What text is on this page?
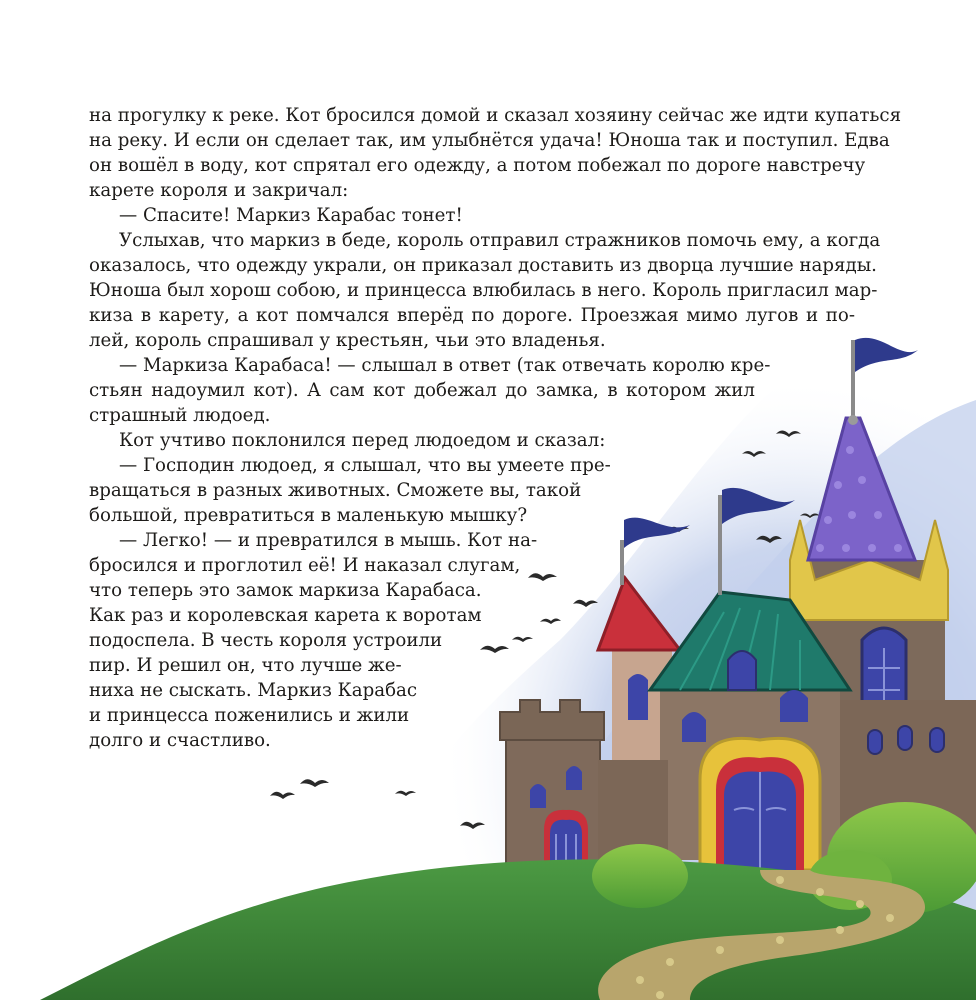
на прогулку к реке. Кот бросился домой и сказал хозяину сейчас же идти купаться
на реку. И если он сделает так, им улыбнётся удача! Юноша так и поступил. Едва
он вошёл в воду, кот спрятал его одежду, а потом побежал по дороге навстречу
карете короля и закричал:
— Спасите! Маркиз Карабас тонет!
Услыхав, что маркиз в беде, король отправил стражников помочь ему, а когда
оказалось, что одежду украли, он приказал доставить из дворца лучшие наряды.
Юноша был хорош собою, и принцесса влюбилась в него. Король пригласил мар-
киза в карету, а кот помчался вперёд по дороге. Проезжая мимо лугов и по-
лей, король спрашивал у крестьян, чьи это владенья.
— Маркиза Карабаса! — слышал в ответ (так отвечать королю кре-
стьян надоумил кот). А сам кот добежал до замка, в котором жил
страшный людоед.
Кот учтиво поклонился перед людоедом и сказал:
— Господин людоед, я слышал, что вы умеете пре-
вращаться в разных животных. Сможете вы, такой
большой, превратиться в маленькую мышку?
— Легко! — и превратился в мышь. Кот на-
бросился и проглотил её! И наказал слугам,
что теперь это замок маркиза Карабаса.
Как раз и королевская карета к воротам
подоспела. В честь короля устроили
пир. И решил он, что лучше же-
ниха не сыскать. Маркиз Карабас
и принцесса поженились и жили
долго и счастливо.
